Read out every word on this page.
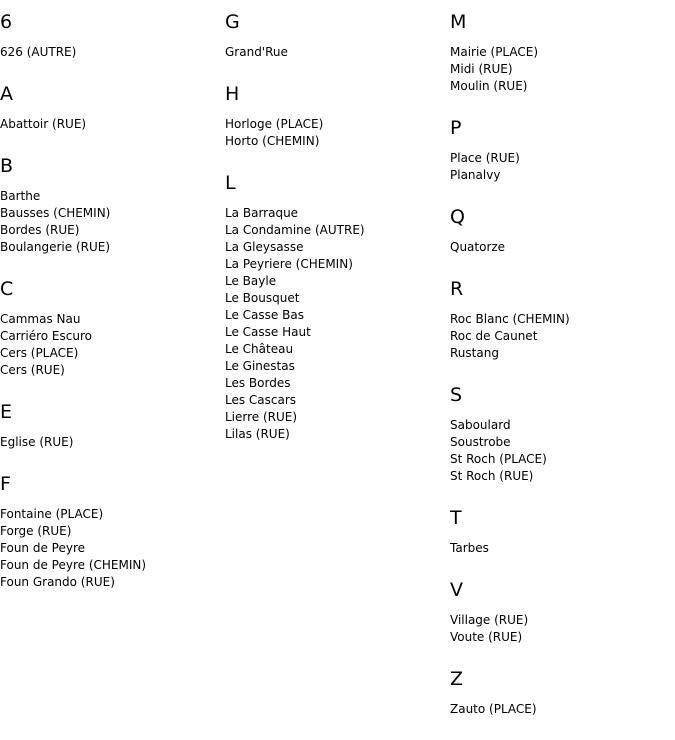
6
626 (AUTRE)
A
Abattoir (RUE)
B
Barthe
Bausses (CHEMIN)
Bordes (RUE)
Boulangerie (RUE)
C
Cammas Nau
Carriéro Escuro
Cers (PLACE)
Cers (RUE)
E
Eglise (RUE)
F
Fontaine (PLACE)
Forge (RUE)
Foun de Peyre
Foun de Peyre (CHEMIN)
Foun Grando (RUE)
G
Grand'Rue
H
Horloge (PLACE)
Horto (CHEMIN)
L
La Barraque
La Condamine (AUTRE)
La Gleysasse
La Peyriere (CHEMIN)
Le Bayle
Le Bousquet
Le Casse Bas
Le Casse Haut
Le Château
Le Ginestas
Les Bordes
Les Cascars
Lierre (RUE)
Lilas (RUE)
M
Mairie (PLACE)
Midi (RUE)
Moulin (RUE)
P
Place (RUE)
Planalvy
Q
Quatorze
R
Roc Blanc (CHEMIN)
Roc de Caunet
Rustang
S
Saboulard
Soustrobe
St Roch (PLACE)
St Roch (RUE)
T
Tarbes
V
Village (RUE)
Voute (RUE)
Z
Zauto (PLACE)
